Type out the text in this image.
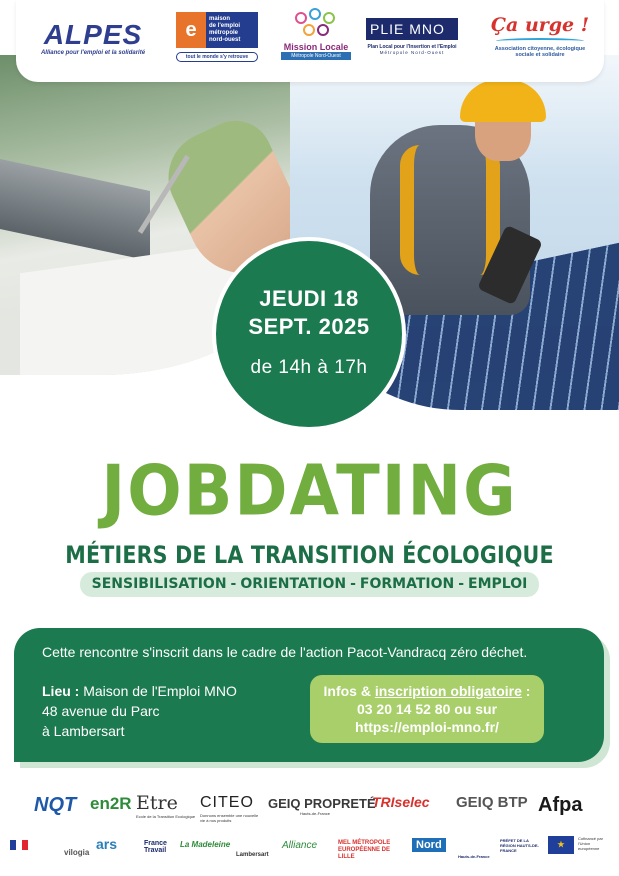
ALPES
Alliance pour l'emploi et la solidarité
e	maison
de l'emploi
métropole
nord-ouest
tout le monde s'y retrouve
Mission Locale
Métropole Nord-Ouest
PLIE MNO
Plan Local pour l'Insertion et l'Emploi
Métropole Nord-Ouest
Ça urge !
Association citoyenne, écologique
sociale et solidaire
JEUDI 18
SEPT. 2025
de 14h à 17h
JOBDATING
MÉTIERS DE LA TRANSITION ÉCOLOGIQUE
SENSIBILISATION - ORIENTATION - FORMATION - EMPLOI
Cette rencontre s'inscrit dans le cadre de l'action Pacot-Vandracq zéro déchet.
Lieu : Maison de l'Emploi MNO
48 avenue du Parc
à Lambersart
Infos & inscription obligatoire :
03 20 14 52 80 ou sur
https://emploi-mno.fr/
NQT en2R Etre
Ecole de la Transition Ecologique
CITEO
Donnons ensemble une nouvelle vie à nos produits
GEIQ PROPRETÉ
Hauts-de-France
TRIselec GEIQ BTP Afpa
vilogia
ars	France Travail
La Madeleine
Lambersart
Alliance	MEL MÉTROPOLE EUROPÉENNE DE LILLE
Nord
Hauts-de-France
PRÉFET DE LA RÉGION HAUTS-DE-FRANCE
★
Cofinancé par l'Union européenne
